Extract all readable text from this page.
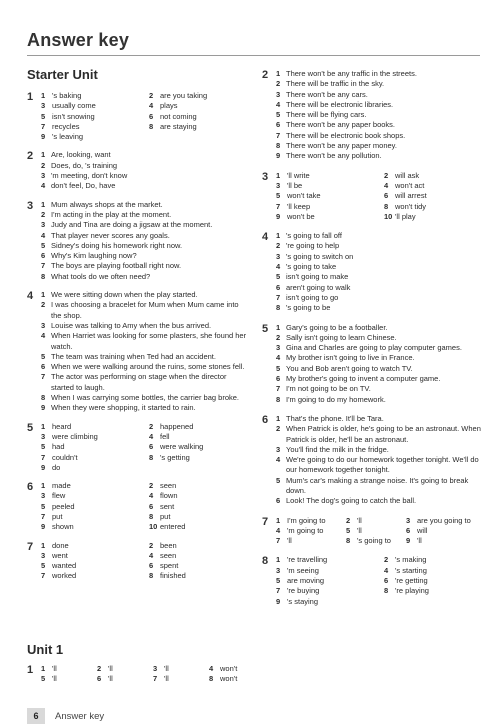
Answer key
Starter Unit
1 1 's baking
3 usually come
5 isn't snowing
7 recycles
9 's leaving
2 are you taking
4 plays
6 not coming
8 are staying
2 1 Are, looking, want
2 Does, do, 's training
3 'm meeting, don't know
4 don't feel, Do, have
3 1 Mum always shops at the market.
2 I'm acting in the play at the moment.
3 Judy and Tina are doing a jigsaw at the moment.
4 That player never scores any goals.
5 Sidney's doing his homework right now.
6 Why's Kim laughing now?
7 The boys are playing football right now.
8 What tools do we often need?
4 1 We were sitting down when the play started.
2 I was choosing a bracelet for Mum when Mum came into the shop.
3 Louise was talking to Amy when the bus arrived.
4 When Harriet was looking for some plasters, she found her watch.
5 The team was training when Ted had an accident.
6 When we were walking around the ruins, some stones fell.
7 The actor was performing on stage when the director started to laugh.
8 When I was carrying some bottles, the carrier bag broke.
9 When they were shopping, it started to rain.
5 1 heard
3 were climbing
5 had
7 couldn't
9 do
2 happened
4 fell
6 were walking
8 's getting
6 1 made
3 flew
5 peeled
7 put
9 shown
2 seen
4 flown
6 sent
8 put
10 entered
7 1 done
3 went
5 wanted
7 worked
2 been
4 seen
6 spent
8 finished
Unit 1
1 1 'll
5 'll
2 'll
6 'll
3 'll
7 'll
4 won't
8 won't
2 1 There won't be any traffic in the streets.
2 There will be traffic in the sky.
3 There won't be any cars.
4 There will be electronic libraries.
5 There will be flying cars.
6 There won't be any paper books.
7 There will be electronic book shops.
8 There won't be any paper money.
9 There won't be any pollution.
3 1 'll write
3 'll be
5 won't take
7 'll keep
9 won't be
2 will ask
4 won't act
6 will arrest
8 won't tidy
10 'll play
4 1 's going to fall off
2 're going to help
3 's going to switch on
4 's going to take
5 isn't going to make
6 aren't going to walk
7 isn't going to go
8 's going to be
5 1 Gary's going to be a footballer.
2 Sally isn't going to learn Chinese.
3 Gina and Charles are going to play computer games.
4 My brother isn't going to live in France.
5 You and Bob aren't going to watch TV.
6 My brother's going to invent a computer game.
7 I'm not going to be on TV.
8 I'm going to do my homework.
6 1 That's the phone. It'll be Tara.
2 When Patrick is older, he's going to be an astronaut. When Patrick is older, he'll be an astronaut.
3 You'll find the milk in the fridge.
4 We're going to do our homework together tonight. We'll do our homework together tonight.
5 Mum's car's making a strange noise. It's going to break down.
6 Look! The dog's going to catch the ball.
7 1 I'm going to
4 'm going to
7 'll
2 'll
5 'll
8 's going to
3 are you going to
6 will
9 'll
8 1 're travelling
3 'm seeing
5 are moving
7 're buying
9 's staying
2 's making
4 's starting
6 're getting
8 're playing
6	Answer key
